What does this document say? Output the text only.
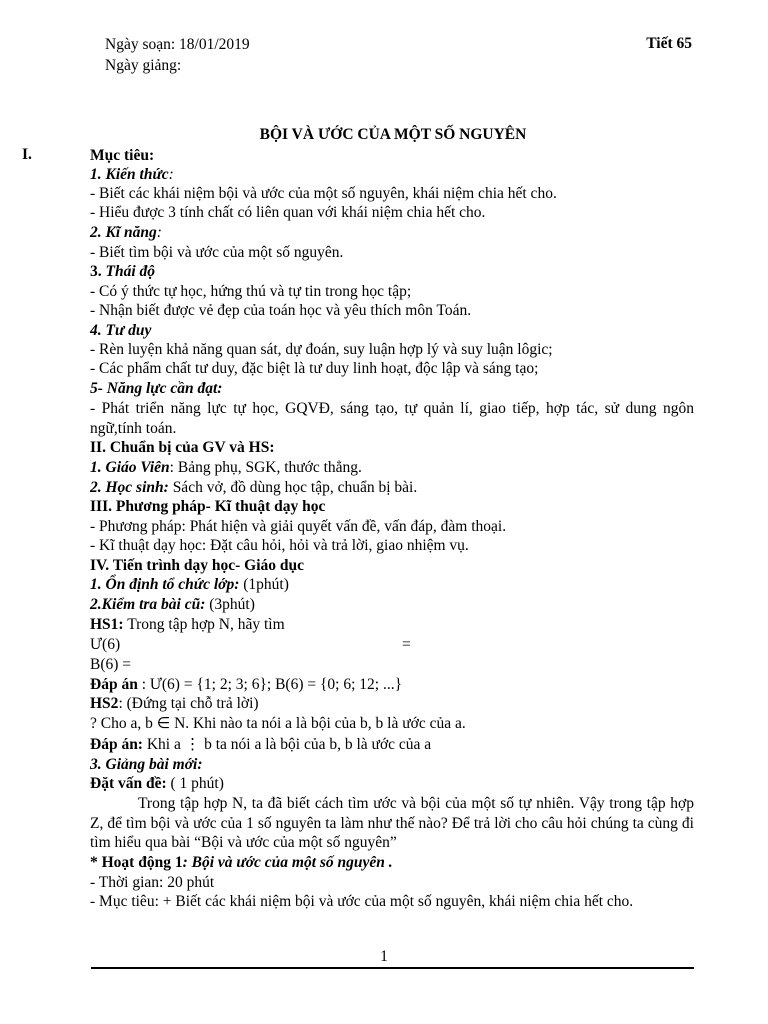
Ngày soạn: 18/01/2019
Ngày giảng:
Tiết 65
BỘI VÀ ƯỚC CỦA MỘT SỐ NGUYÊN
I.	Mục tiêu:
1. Kiến thức:
- Biết các khái niệm bội và ước của một số nguyên, khái niệm chia hết cho.
- Hiểu được 3 tính chất có liên quan với khái niệm chia hết cho.
2. Kĩ năng:
- Biết tìm bội và ước của một số nguyên.
3. Thái độ
- Có ý thức tự học, hứng thú và tự tin trong học tập;
- Nhận biết được vẻ đẹp của toán học và yêu thích môn Toán.
4. Tư duy
- Rèn luyện khả năng quan sát, dự đoán, suy luận hợp lý và suy luận lôgic;
- Các phẩm chất tư duy, đặc biệt là tư duy linh hoạt, độc lập và sáng tạo;
5- Năng lực cần đạt:
- Phát triển năng lực tự học, GQVĐ, sáng tạo, tự quản lí, giao tiếp, hợp tác, sử dung ngôn ngữ,tính toán.
II. Chuẩn bị của GV và HS:
1. Giáo Viên: Bảng phụ, SGK, thước thẳng.
2. Học sinh: Sách vở, đồ dùng học tập, chuẩn bị bài.
III. Phương pháp- Kĩ thuật dạy học
- Phương pháp: Phát hiện và giải quyết vấn đề, vấn đáp, đàm thoại.
- Kĩ thuật dạy học: Đặt câu hỏi, hỏi và trả lời, giao nhiệm vụ.
IV. Tiến trình dạy học- Giáo dục
1. Ổn định tổ chức lớp: (1phút)
2.Kiểm tra bài cũ: (3phút)
HS1: Trong tập hợp N, hãy tìm
Ư(6)	=
B(6) =
Đáp án : Ư(6) = {1; 2; 3; 6}; B(6) = {0; 6; 12; ...}
HS2: (Đứng tại chỗ trả lời)
? Cho a, b ∈ N. Khi nào ta nói a là bội của b, b là ước của a.
Đáp án: Khi a ⋮ b ta nói a là bội của b, b là ước của a
3. Giảng bài mới:
Đặt vấn đề: ( 1 phút)
Trong tập hợp N, ta đã biết cách tìm ước và bội của một số tự nhiên. Vậy trong tập hợp Z, để tìm bội và ước của 1 số nguyên ta làm như thế nào? Để trả lời cho câu hỏi chúng ta cùng đi tìm hiểu qua bài “Bội và ước của một số nguyên”
* Hoạt động 1: Bội và ước của một số nguyên .
- Thời gian: 20 phút
- Mục tiêu: + Biết các khái niệm bội và ước của một số nguyên, khái niệm chia hết cho.
1
